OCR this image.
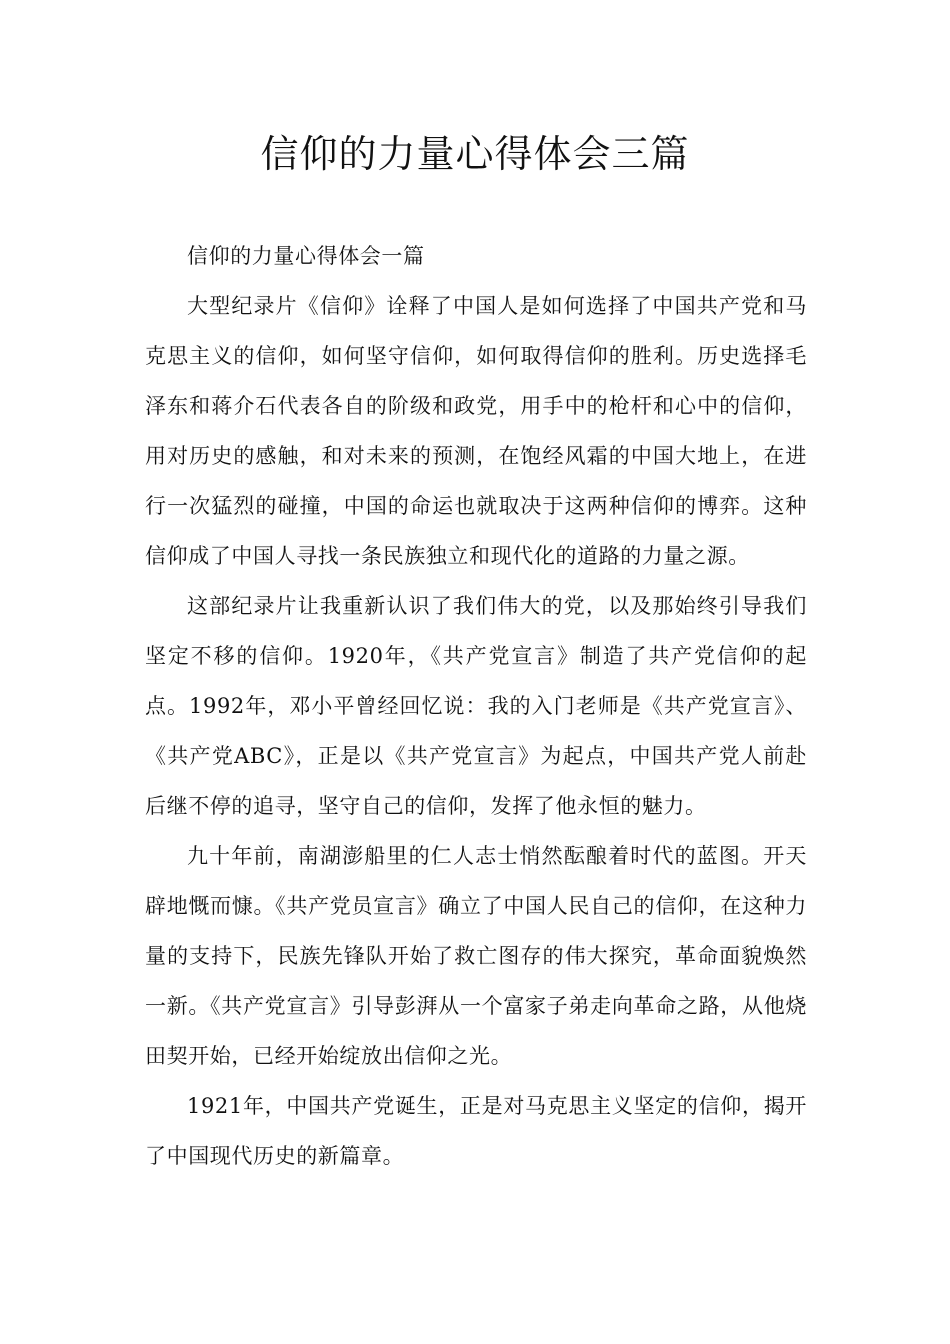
信仰的力量心得体会三篇

信仰的力量心得体会一篇

大型纪录片《信仰》诠释了中国人是如何选择了中国共产党和马克思主义的信仰，如何坚守信仰，如何取得信仰的胜利。历史选择毛泽东和蒋介石代表各自的阶级和政党，用手中的枪杆和心中的信仰，用对历史的感触，和对未来的预测，在饱经风霜的中国大地上，在进行一次猛烈的碰撞，中国的命运也就取决于这两种信仰的博弈。这种信仰成了中国人寻找一条民族独立和现代化的道路的力量之源。

这部纪录片让我重新认识了我们伟大的党，以及那始终引导我们坚定不移的信仰。1920年，《共产党宣言》制造了共产党信仰的起点。1992年，邓小平曾经回忆说：我的入门老师是《共产党宣言》、《共产党ABC》，正是以《共产党宣言》为起点，中国共产党人前赴后继不停的追寻，坚守自己的信仰，发挥了他永恒的魅力。

九十年前，南湖澎船里的仁人志士悄然酝酿着时代的蓝图。开天辟地慨而慷。《共产党员宣言》确立了中国人民自己的信仰，在这种力量的支持下，民族先锋队开始了救亡图存的伟大探究，革命面貌焕然一新。《共产党宣言》引导彭湃从一个富家子弟走向革命之路，从他烧田契开始，已经开始绽放出信仰之光。

1921年，中国共产党诞生，正是对马克思主义坚定的信仰，揭开了中国现代历史的新篇章。
